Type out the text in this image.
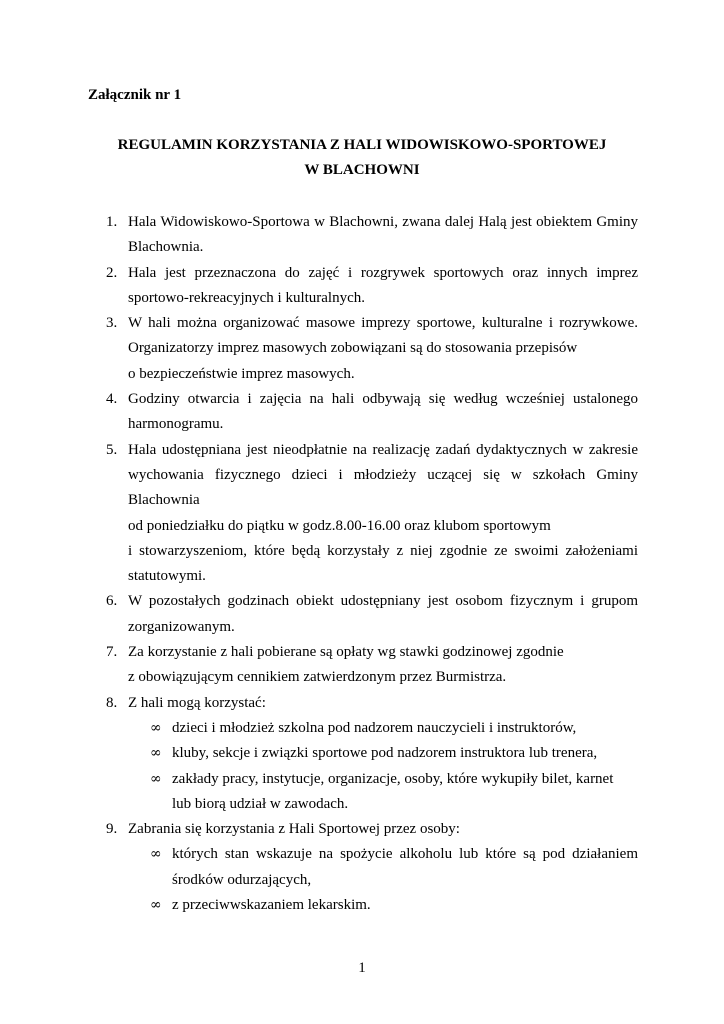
Załącznik nr 1
REGULAMIN KORZYSTANIA Z HALI WIDOWISKOWO-SPORTOWEJ
W BLACHOWNI
1. Hala Widowiskowo-Sportowa w Blachowni, zwana dalej Halą jest obiektem Gminy
Blachownia.
2. Hala jest przeznaczona do zajęć i rozgrywek sportowych oraz innych imprez
sportowo-rekreacyjnych i kulturalnych.
3. W hali można organizować masowe imprezy sportowe, kulturalne i rozrywkowe.
Organizatorzy imprez masowych zobowiązani są do stosowania przepisów
o bezpieczeństwie imprez masowych.
4. Godziny otwarcia i zajęcia na hali odbywają się według wcześniej ustalonego
harmonogramu.
5. Hala udostępniana jest nieodpłatnie na realizację zadań dydaktycznych w zakresie
wychowania fizycznego dzieci i młodzieży uczącej się w szkołach Gminy Blachownia
od poniedziałku do piątku w godz.8.00-16.00 oraz klubom sportowym
i stowarzyszeniom, które będą korzystały z niej zgodnie ze swoimi założeniami
statutowymi.
6. W pozostałych godzinach obiekt udostępniany jest osobom fizycznym i grupom
zorganizowanym.
7. Za korzystanie z hali pobierane są opłaty wg stawki godzinowej zgodnie
z obowiązującym cennikiem zatwierdzonym przez Burmistrza.
8. Z hali mogą korzystać:
∞ dzieci i młodzież szkolna pod nadzorem nauczycieli i instruktorów,
∞ kluby, sekcje i związki sportowe pod nadzorem instruktora lub trenera,
∞ zakłady pracy, instytucje, organizacje, osoby, które wykupiły bilet, karnet
lub biorą udział w zawodach.
9. Zabrania się korzystania z Hali Sportowej przez osoby:
∞ których stan wskazuje na spożycie alkoholu lub które są pod działaniem
środków odurzających,
∞ z przeciwwskazaniem lekarskim.
1
